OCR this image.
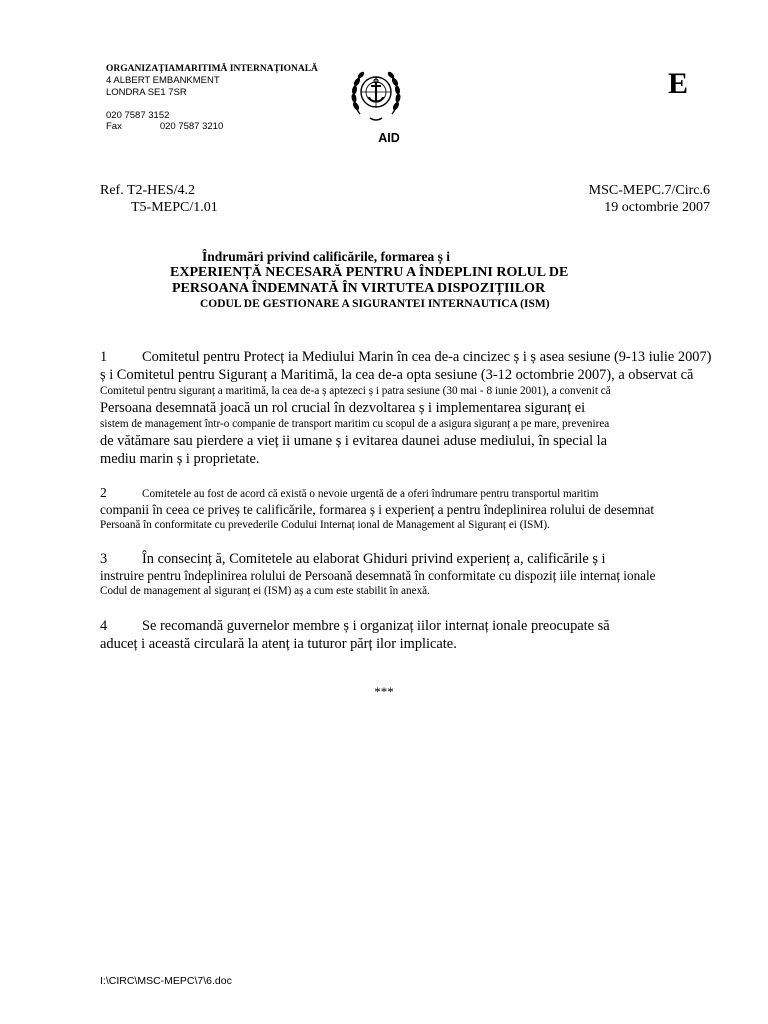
ORGANIZAȚIAMARITIMĂ INTERNAȚIONALĂ
4 ALBERT EMBANKMENT
LONDRA SE1 7SR
020 7587 3152
Fax	020 7587 3210
AID
E
Ref. T2-HES/4.2
T5-MEPC/1.01
MSC-MEPC.7/Circ.6
19 octombrie 2007
Îndrumări privind calificările, formarea ș i
EXPERIENȚĂ NECESARĂ PENTRU A ÎNDEPLINI ROLUL DE
PERSOANA ÎNDEMNATĂ ÎN VIRTUTEA DISPOZIȚIILOR
CODUL DE GESTIONARE A SIGURANTEI INTERNAUTICA (ISM)
1 Comitetul pentru Protecț ia Mediului Marin în cea de-a cincizec ș i ș asea sesiune (9-13 iulie 2007)
ș i Comitetul pentru Siguranț a Maritimă, la cea de-a opta sesiune (3-12 octombrie 2007), a observat că
Comitetul pentru siguranț a maritimă, la cea de-a ș aptezeci ș i patra sesiune (30 mai - 8 iunie 2001), a convenit că
Persoana desemnată joacă un rol crucial în dezvoltarea ș i implementarea siguranț ei
sistem de management într-o companie de transport maritim cu scopul de a asigura siguranț a pe mare, prevenirea
de vătămare sau pierdere a vieț ii umane ș i evitarea daunei aduse mediului, în special la
mediu marin ș i proprietate.
2	Comitetele au fost de acord că există o nevoie urgentă de a oferi îndrumare pentru transportul maritim
companii în ceea ce priveș te calificările, formarea ș i experienț a pentru îndeplinirea rolului de desemnat
Persoană în conformitate cu prevederile Codului Internaț ional de Management al Siguranț ei (ISM).
3 În consecinț ă, Comitetele au elaborat Ghiduri privind experienț a, calificările ș i
instruire pentru îndeplinirea rolului de Persoană desemnată în conformitate cu dispoziț iile internaț ionale
Codul de management al siguranț ei (ISM) aș a cum este stabilit în anexă.
4 Se recomandă guvernelor membre ș i organizaț iilor internaț ionale preocupate să
aduceț i această circulară la atenț ia tuturor părț ilor implicate.
***
I:\CIRC\MSC-MEPC\7\6.doc
